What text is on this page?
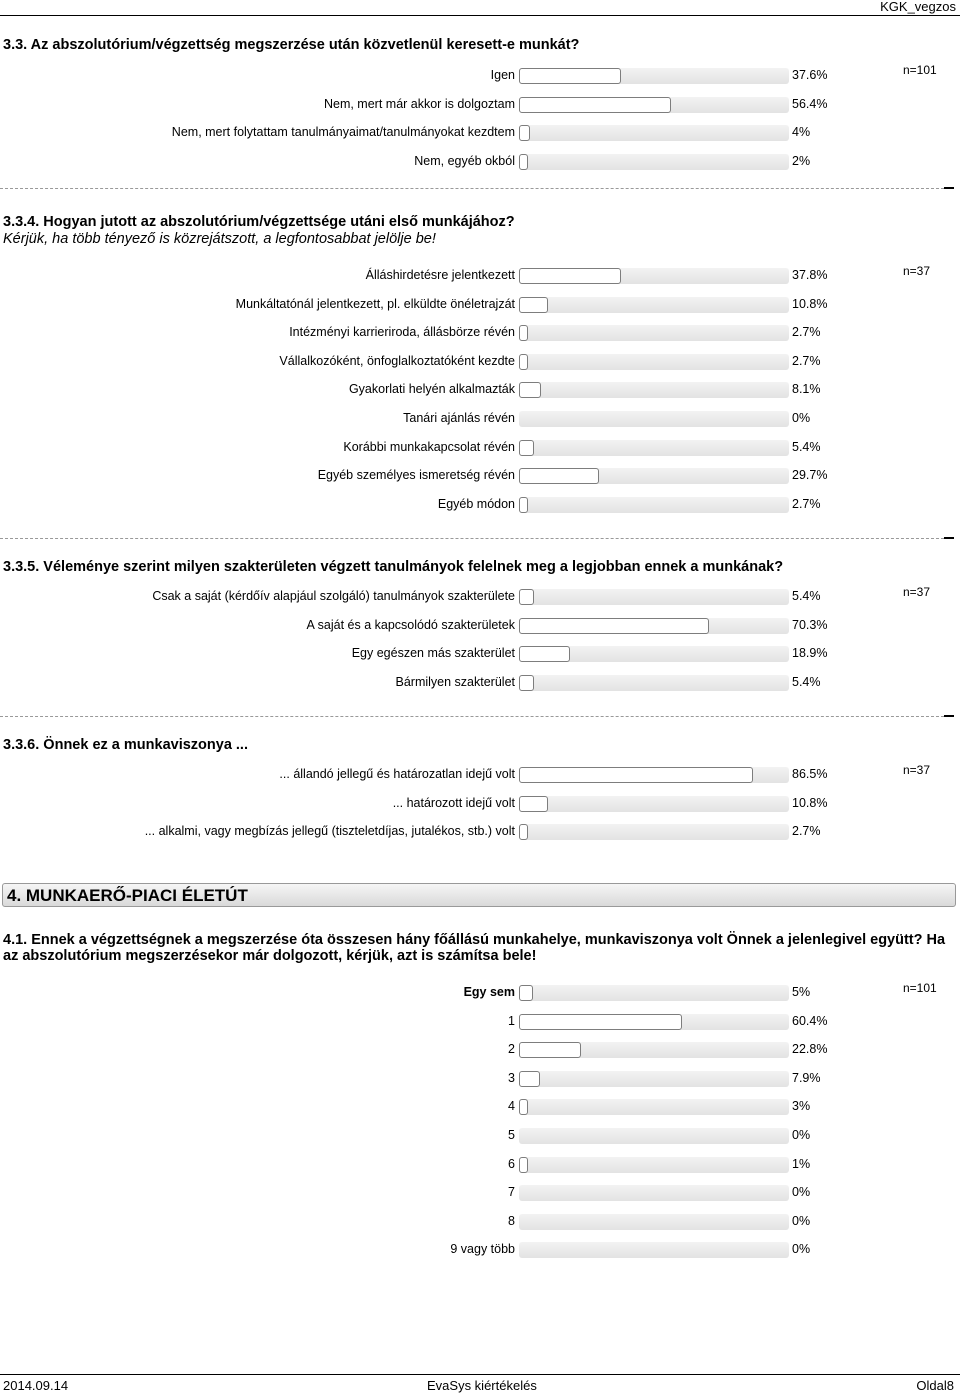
KGK_vegzos
3.3. Az abszolutórium/végzettség megszerzése után közvetlenül keresett-e munkát?
n=101
Igen	37.6%
Nem, mert már akkor is dolgoztam	56.4%
Nem, mert folytattam tanulmányaimat/tanulmányokat kezdtem	4%
Nem, egyéb okból	2%
3.3.4. Hogyan jutott az abszolutórium/végzettsége utáni első munkájához?
Kérjük, ha több tényező is közrejátszott, a legfontosabbat jelölje be!
n=37
Álláshirdetésre jelentkezett	37.8%
Munkáltatónál jelentkezett, pl. elküldte önéletrajzát	10.8%
Intézményi karrieriroda, állásbörze révén	2.7%
Vállalkozóként, önfoglalkoztatóként kezdte	2.7%
Gyakorlati helyén alkalmazták	8.1%
Tanári ajánlás révén	0%
Korábbi munkakapcsolat révén	5.4%
Egyéb személyes ismeretség révén	29.7%
Egyéb módon	2.7%
3.3.5. Véleménye szerint milyen szakterületen végzett tanulmányok felelnek meg a legjobban ennek a munkának?
n=37
Csak a saját (kérdőív alapjául szolgáló) tanulmányok szakterülete	5.4%
A saját és a kapcsolódó szakterületek	70.3%
Egy egészen más szakterület	18.9%
Bármilyen szakterület	5.4%
3.3.6. Önnek ez a munkaviszonya ...
n=37
... állandó jellegű és határozatlan idejű volt	86.5%
... határozott idejű volt	10.8%
... alkalmi, vagy megbízás jellegű (tiszteletdíjas, jutalékos, stb.) volt	2.7%
4. MUNKAERŐ-PIACI ÉLETÚT
4.1. Ennek a végzettségnek a megszerzése óta összesen hány főállású munkahelye, munkaviszonya volt Önnek a jelenlegivel együtt? Ha az abszolutórium megszerzésekor már dolgozott, kérjük, azt is számítsa bele!
n=101
Egy sem	5%
1	60.4%
2	22.8%
3	7.9%
4	3%
5	0%
6	1%
7	0%
8	0%
9 vagy több	0%
2014.09.14	EvaSys kiértékelés	Oldal8
